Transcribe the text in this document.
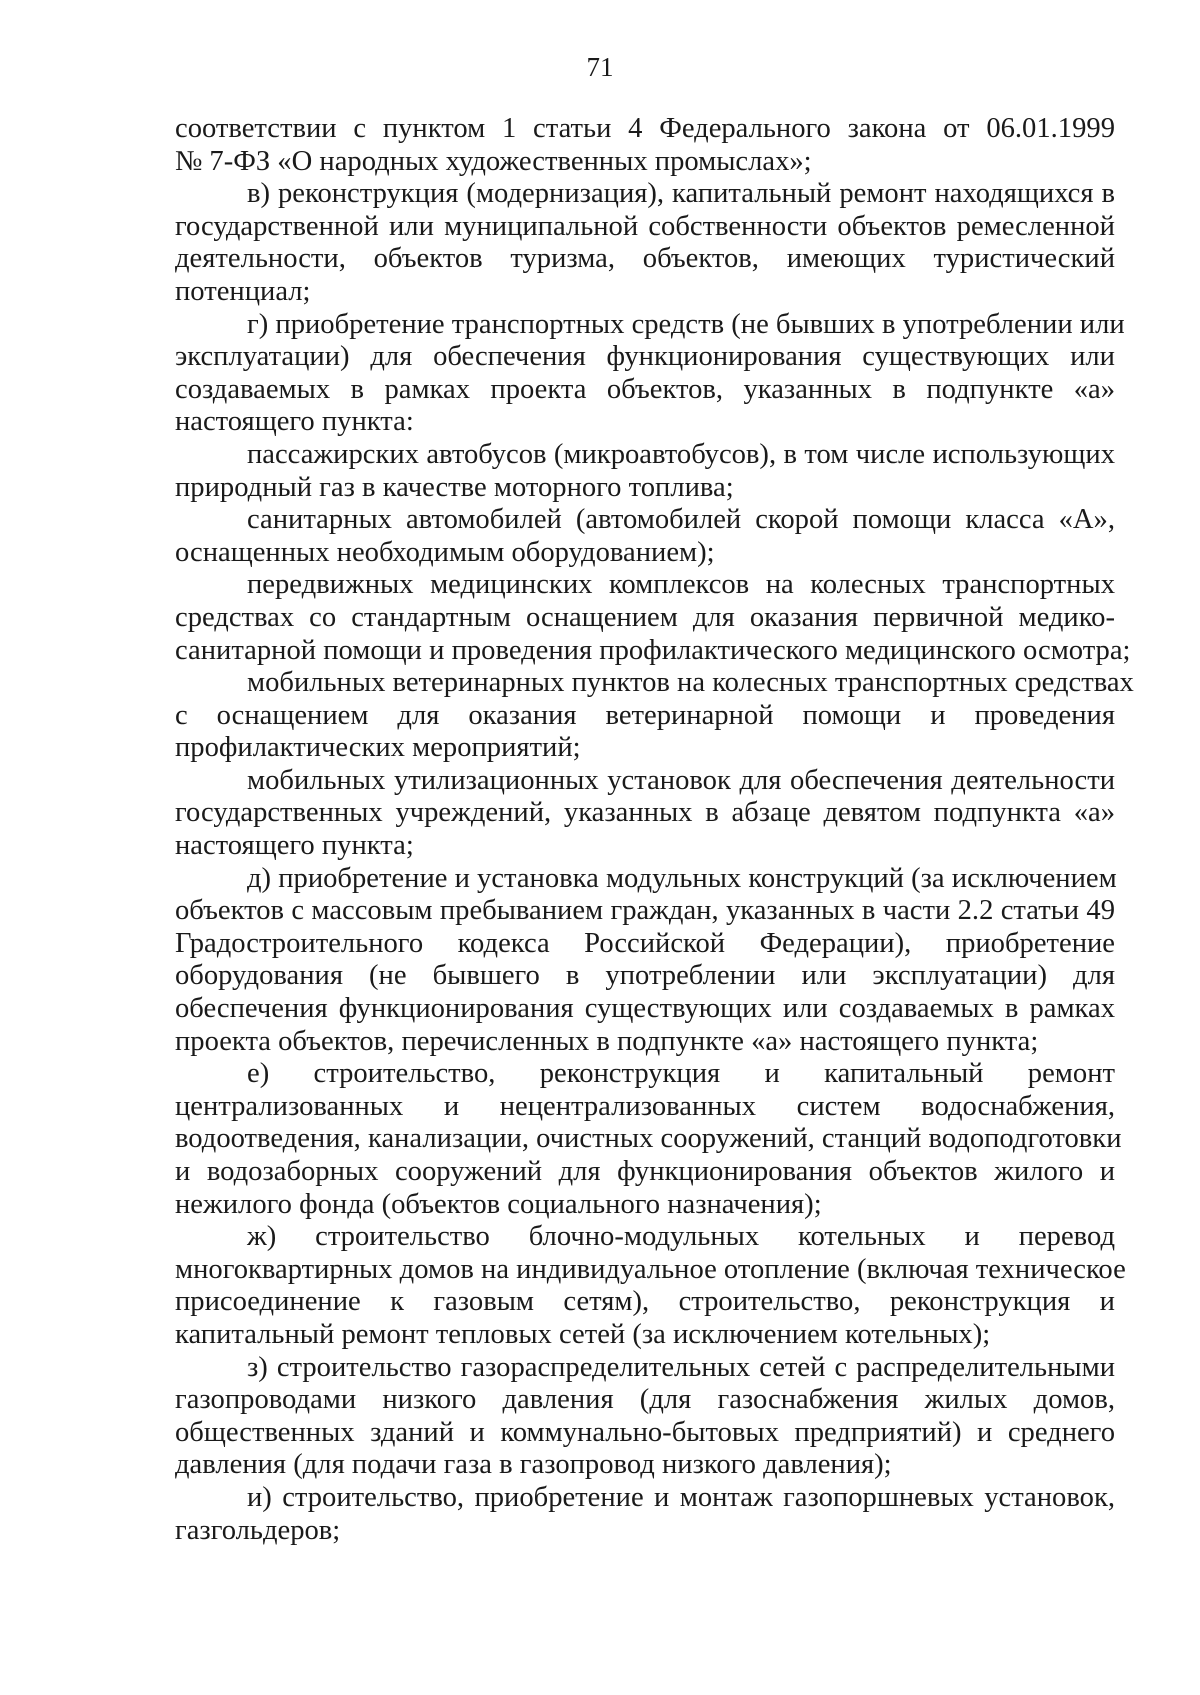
71
соответствии с пунктом 1 статьи 4 Федерального закона от 06.01.1999
№ 7-ФЗ «О народных художественных промыслах»;
в) реконструкция (модернизация), капитальный ремонт находящихся в
государственной или муниципальной собственности объектов ремесленной
деятельности, объектов туризма, объектов, имеющих туристический
потенциал;
г) приобретение транспортных средств (не бывших в употреблении или
эксплуатации) для обеспечения функционирования существующих или
создаваемых в рамках проекта объектов, указанных в подпункте «а»
настоящего пункта:
пассажирских автобусов (микроавтобусов), в том числе использующих
природный газ в качестве моторного топлива;
санитарных автомобилей (автомобилей скорой помощи класса «А»,
оснащенных необходимым оборудованием);
передвижных медицинских комплексов на колесных транспортных
средствах со стандартным оснащением для оказания первичной медико-
санитарной помощи и проведения профилактического медицинского осмотра;
мобильных ветеринарных пунктов на колесных транспортных средствах
с оснащением для оказания ветеринарной помощи и проведения
профилактических мероприятий;
мобильных утилизационных установок для обеспечения деятельности
государственных учреждений, указанных в абзаце девятом подпункта «а»
настоящего пункта;
д) приобретение и установка модульных конструкций (за исключением
объектов с массовым пребыванием граждан, указанных в части 2.2 статьи 49
Градостроительного кодекса Российской Федерации), приобретение
оборудования (не бывшего в употреблении или эксплуатации) для
обеспечения функционирования существующих или создаваемых в рамках
проекта объектов, перечисленных в подпункте «а» настоящего пункта;
е) строительство, реконструкция и капитальный ремонт
централизованных и нецентрализованных систем водоснабжения,
водоотведения, канализации, очистных сооружений, станций водоподготовки
и водозаборных сооружений для функционирования объектов жилого и
нежилого фонда (объектов социального назначения);
ж) строительство блочно-модульных котельных и перевод
многоквартирных домов на индивидуальное отопление (включая техническое
присоединение к газовым сетям), строительство, реконструкция и
капитальный ремонт тепловых сетей (за исключением котельных);
з) строительство газораспределительных сетей с распределительными
газопроводами низкого давления (для газоснабжения жилых домов,
общественных зданий и коммунально-бытовых предприятий) и среднего
давления (для подачи газа в газопровод низкого давления);
и) строительство, приобретение и монтаж газопоршневых установок,
газгольдеров;
